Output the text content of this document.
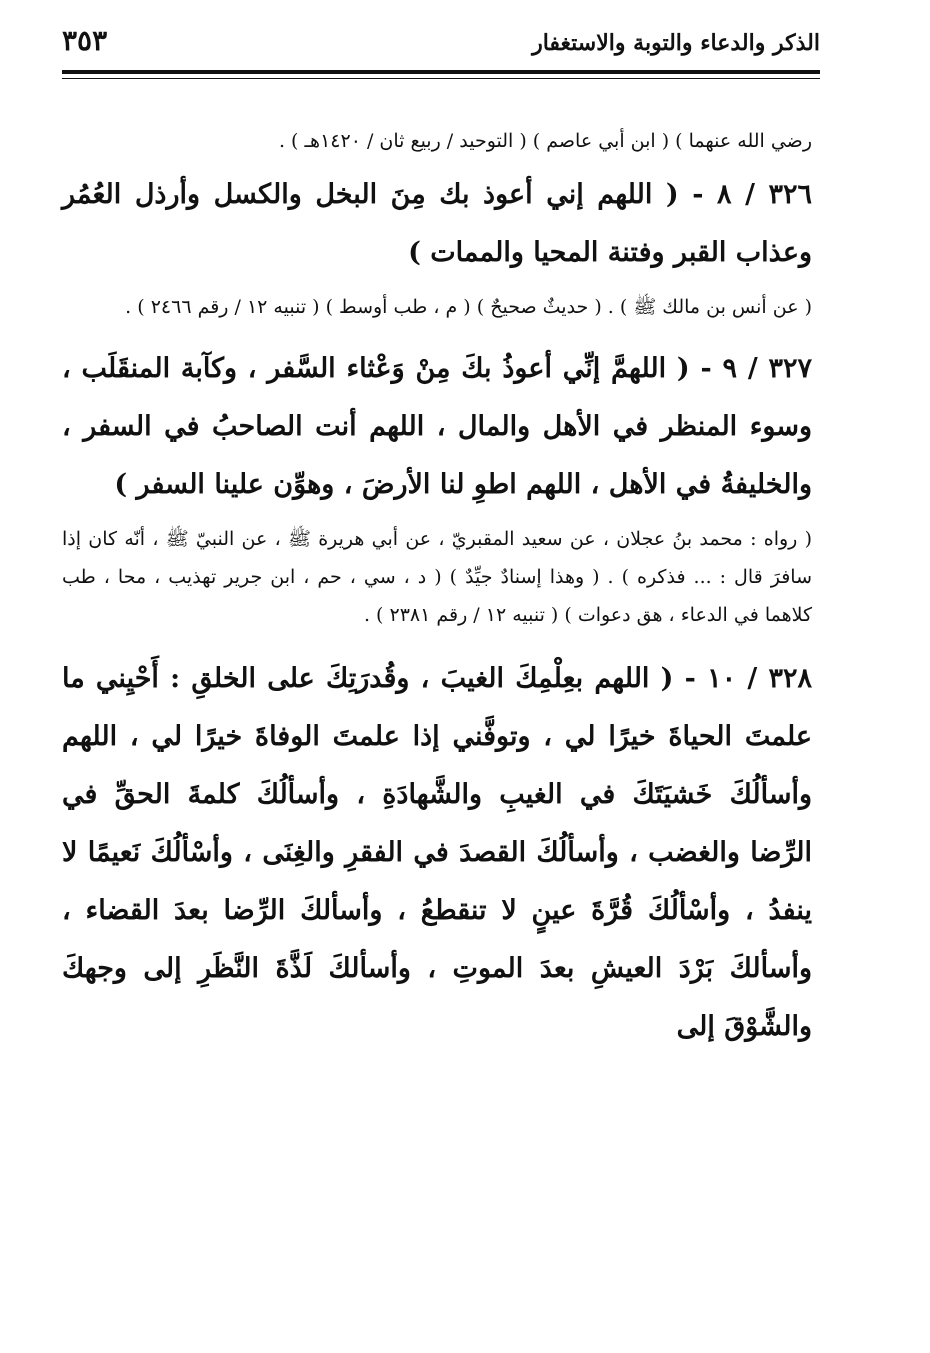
٣٥٣	الذكر والدعاء والتوبة والاستغفار

رضي الله عنهما ) ( ابن أبي عاصم ) ( التوحيد / ربيع ثان / ١٤٢٠هـ ) .

٣٢٦ / ٨ - ( اللهم إني أعوذ بك مِنَ البخل والكسل وأرذل العُمُر وعذاب القبر وفتنة المحيا والممات )

( عن أنس بن مالك ﷺ ) . ( حديثٌ صحيحٌ ) ( م ، طب أوسط ) ( تنبيه ١٢ / رقم ٢٤٦٦ ) .

٣٢٧ / ٩ - ( اللهمَّ إنِّي أعوذُ بكَ مِنْ وَعْثاء السَّفر ، وكآبة المنقَلَب ، وسوء المنظر في الأهل والمال ، اللهم أنت الصاحبُ في السفر ، والخليفةُ في الأهل ، اللهم اطوِ لنا الأرضَ ، وهوِّن علينا السفر )

( رواه : محمد بنُ عجلان ، عن سعيد المقبريّ ، عن أبي هريرة ﷺ ، عن النبيّ ﷺ ، أنّه كان إذا سافرَ قال : ... فذكره ) . ( وهذا إسنادٌ جيِّدٌ ) ( د ، سي ، حم ، ابن جرير تهذيب ، محا ، طب كلاهما في الدعاء ، هق دعوات ) ( تنبيه ١٢ / رقم ٢٣٨١ ) .

٣٢٨ / ١٠ - ( اللهم بعِلْمِكَ الغيبَ ، وقُدرَتِكَ على الخلقِ : أَحْيِني ما علمتَ الحياةَ خيرًا لي ، وتوفَّني إذا علمتَ الوفاةَ خيرًا لي ، اللهم وأسألُكَ خَشيَتَكَ في الغيبِ والشَّهادَةِ ، وأسألُكَ كلمةَ الحقِّ في الرِّضا والغضب ، وأسألُكَ القصدَ في الفقرِ والغِنَى ، وأسْألُكَ نَعيمًا لا ينفدُ ، وأسْألُكَ قُرَّةَ عينٍ لا تنقطعُ ، وأسألكَ الرِّضا بعدَ القضاء ، وأسألكَ بَرْدَ العيشِ بعدَ الموتِ ، وأسألكَ لَذَّةَ النَّظَرِ إلى وجهكَ والشَّوْقَ إلى
